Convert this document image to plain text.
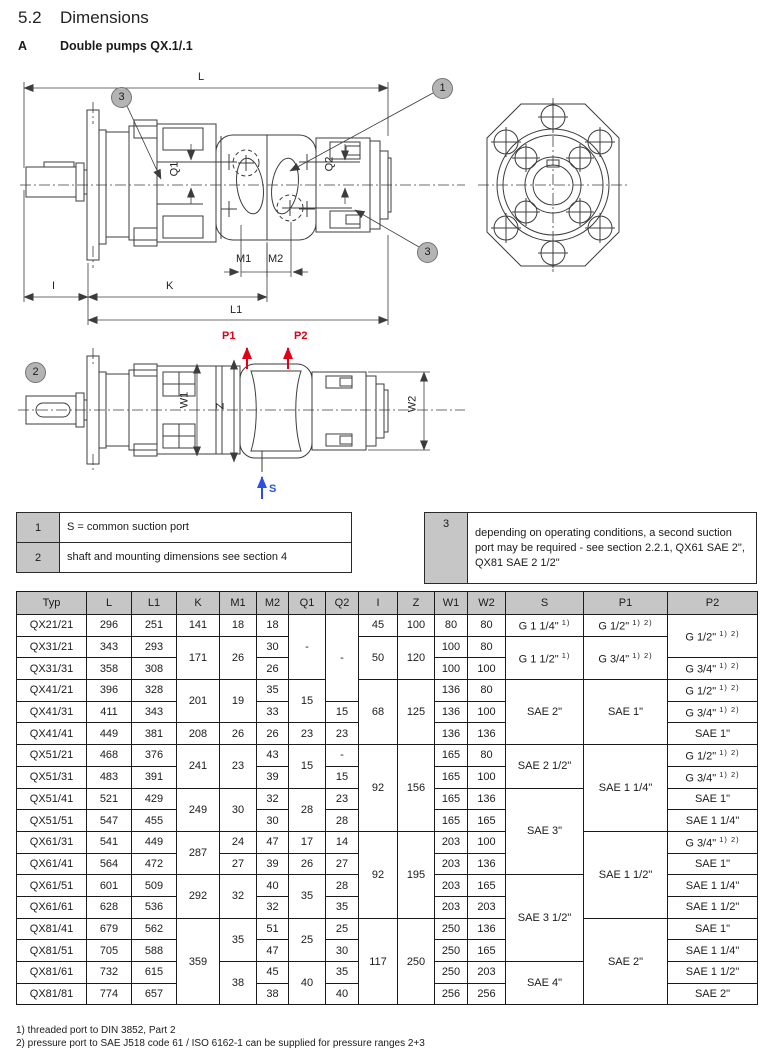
5.2 Dimensions
A	Double pumps QX.1/.1
L
M1 M2
I	K
L1
Q1	Q2
W1 Z	W2
P1	P2
S
1
3
3
2
1	S = common suction port
2	shaft and mounting dimensions see section 4
3	depending on operating conditions, a second suction port may be required - see section 2.2.1, QX61 SAE 2", QX81 SAE 2 1/2"
Typ	L	L1	K	M1	M2	Q1	Q2	I	Z	W1	W2	S	P1	P2
QX21/21	296	251	141	18	18	-	-	45	100	80	80	G 1 1/4" $^{1)}$	G 1/2" $^{1) 2)}$	G 1/2" $^{1) 2)}$
QX31/21	343	293	171	26	30			50	120	100	80	G 1 1/2" $^{1)}$	G 3/4" $^{1) 2)}$
QX31/31	358	308			26					100	100			G 3/4" $^{1) 2)}$
QX41/21	396	328	201	19	35	15		68	125	136	80	SAE 2"	SAE 1"	G 1/2" $^{1) 2)}$
QX41/31	411	343			33		15			136	100			G 3/4" $^{1) 2)}$
QX41/41	449	381	208	26	26	23	23			136	136			SAE 1"
QX51/21	468	376	241	23	43	15	-	92	156	165	80	SAE 2 1/2"	SAE 1 1/4"	G 1/2" $^{1) 2)}$
QX51/31	483	391			39		15			165	100			G 3/4" $^{1) 2)}$
QX51/41	521	429	249	30	32	28	23			165	136	SAE 3"		SAE 1"
QX51/51	547	455			30		28			165	165			SAE 1 1/4"
QX61/31	541	449	287	24	47	17	14	92	195	203	100		SAE 1 1/2"	G 3/4" $^{1) 2)}$
QX61/41	564	472		27	39	26	27			203	136			SAE 1"
QX61/51	601	509	292	32	40	35	28			203	165	SAE 3 1/2"		SAE 1 1/4"
QX61/61	628	536			32		35			203	203			SAE 1 1/2"
QX81/41	679	562	359	35	51	25	25	117	250	250	136		SAE 2"	SAE 1"
QX81/51	705	588			47		30			250	165			SAE 1 1/4"
QX81/61	732	615		38	45	40	35			250	203	SAE 4"		SAE 1 1/2"
QX81/81	774	657			38		40			256	256			SAE 2"
1) threaded port to DIN 3852, Part 2
2) pressure port to SAE J518 code 61 / ISO 6162-1 can be supplied for pressure ranges 2+3
